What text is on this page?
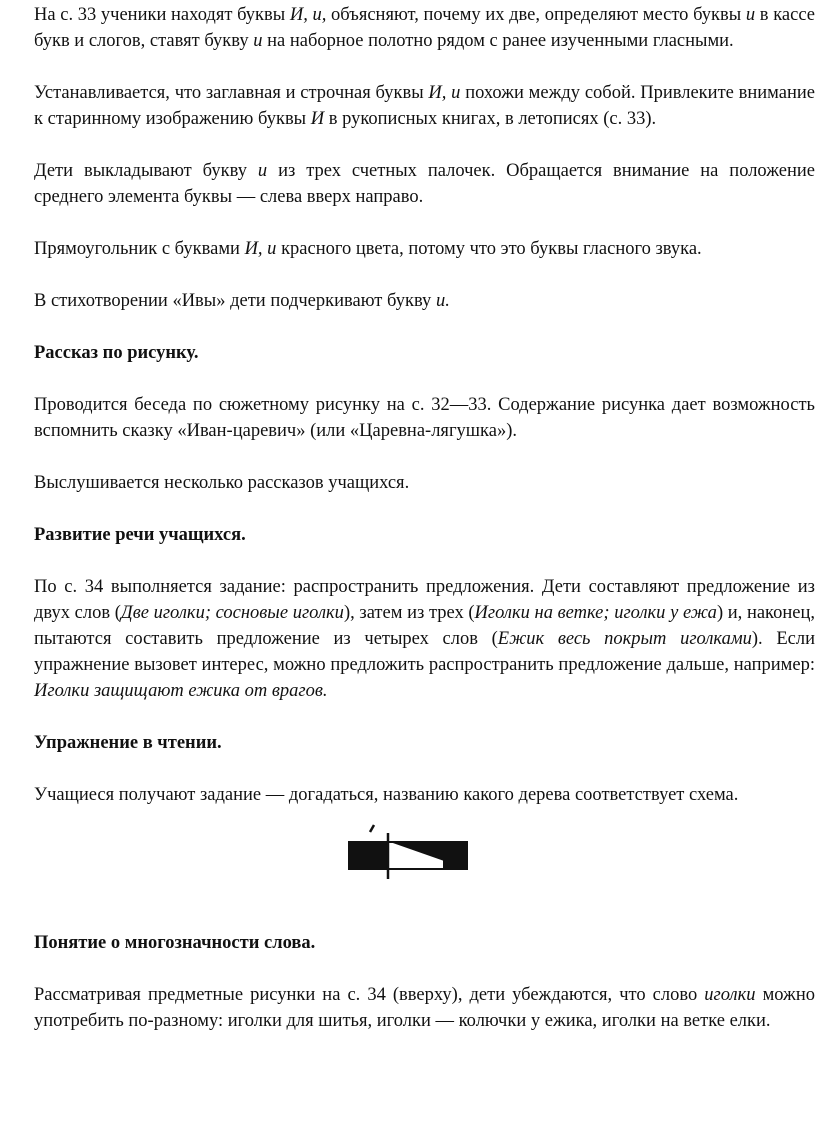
На с. 33 ученики находят буквы И, и, объясняют, почему их две, определяют место буквы и в кассе букв и слогов, ставят букву и на наборное полотно рядом с ранее изученными гласными.

Устанавливается, что заглавная и строчная буквы И, и похожи между собой. Привлеките внимание к старинному изображению буквы И в рукописных книгах, в летописях (с. 33).

Дети выкладывают букву и из трех счетных палочек. Обращается внимание на положение среднего элемента буквы — слева вверх направо.

Прямоугольник с буквами И, и красного цвета, потому что это буквы гласного звука.

В стихотворении «Ивы» дети подчеркивают букву и.

Рассказ по рисунку.

Проводится беседа по сюжетному рисунку на с. 32—33. Содержание рисунка дает возможность вспомнить сказку «Иван-царевич» (или «Царевна-лягушка»).

Выслушивается несколько рассказов учащихся.

Развитие речи учащихся.

По с. 34 выполняется задание: распространить предложения. Дети составляют предложение из двух слов (Две иголки; сосновые иголки), затем из трех (Иголки на ветке; иголки у ежа) и, наконец, пытаются составить предложение из четырех слов (Ежик весь покрыт иголками). Если упражнение вызовет интерес, можно предложить распространить предложение дальше, например: Иголки защищают ежика от врагов.

Упражнение в чтении.

Учащиеся получают задание — догадаться, названию какого дерева соответствует схема.

Понятие о многозначности слова.

Рассматривая предметные рисунки на с. 34 (вверху), дети убеждаются, что слово иголки можно употребить по-разному: иголки для шитья, иголки — колючки у ежика, иголки на ветке елки.
